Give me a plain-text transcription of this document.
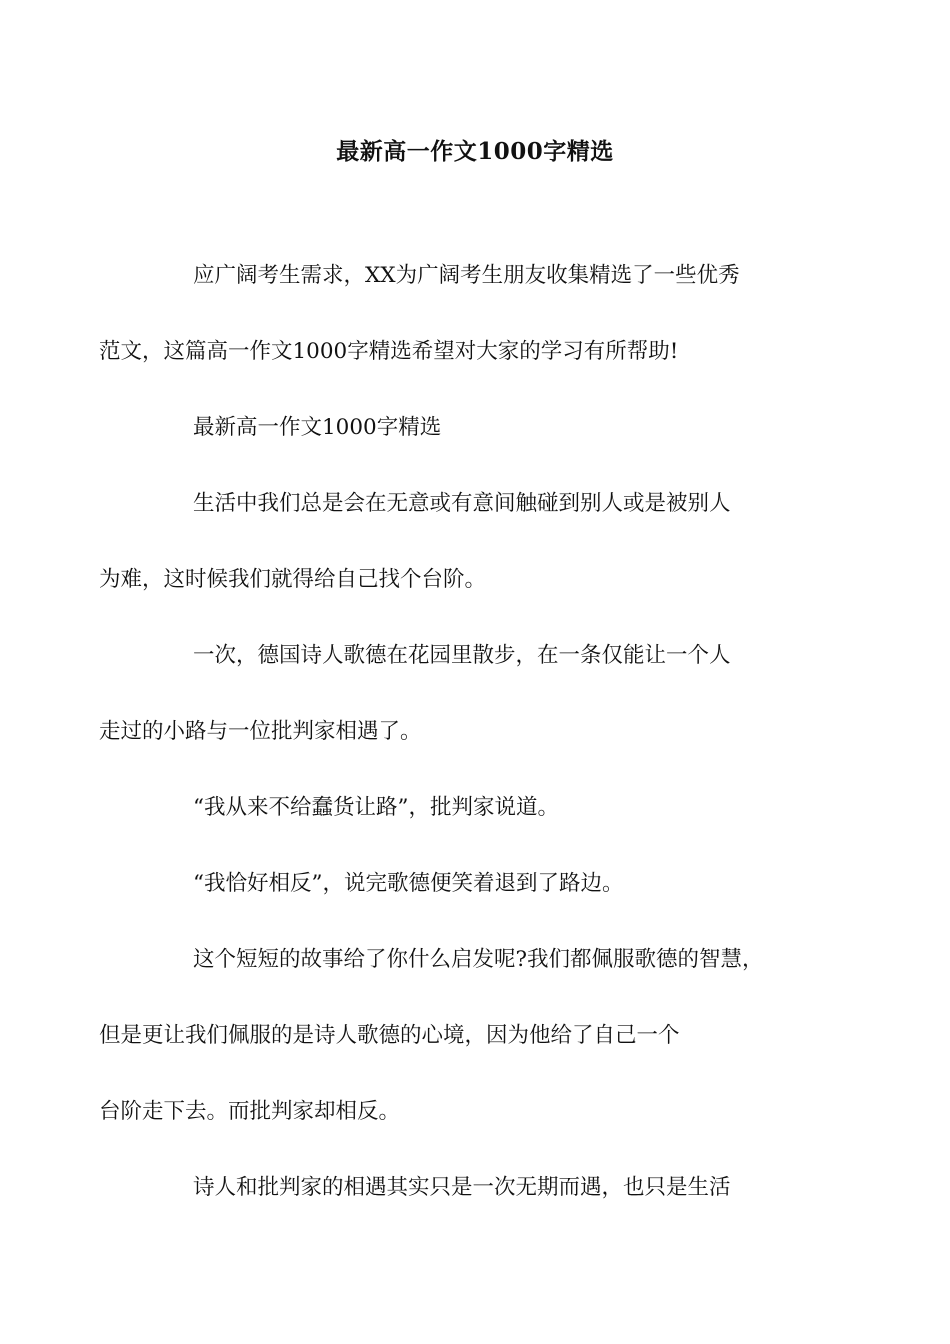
最新高一作文1000字精选

应广阔考生需求，XX为广阔考生朋友收集精选了一些优秀
范文，这篇高一作文1000字精选希望对大家的学习有所帮助!

最新高一作文1000字精选

生活中我们总是会在无意或有意间触碰到别人或是被别人
为难，这时候我们就得给自己找个台阶。

一次，德国诗人歌德在花园里散步，在一条仅能让一个人
走过的小路与一位批判家相遇了。

“我从来不给蠢货让路”，批判家说道。

“我恰好相反”，说完歌德便笑着退到了路边。

这个短短的故事给了你什么启发呢?我们都佩服歌德的智慧，
但是更让我们佩服的是诗人歌德的心境，因为他给了自己一个
台阶走下去。而批判家却相反。

诗人和批判家的相遇其实只是一次无期而遇，也只是生活
